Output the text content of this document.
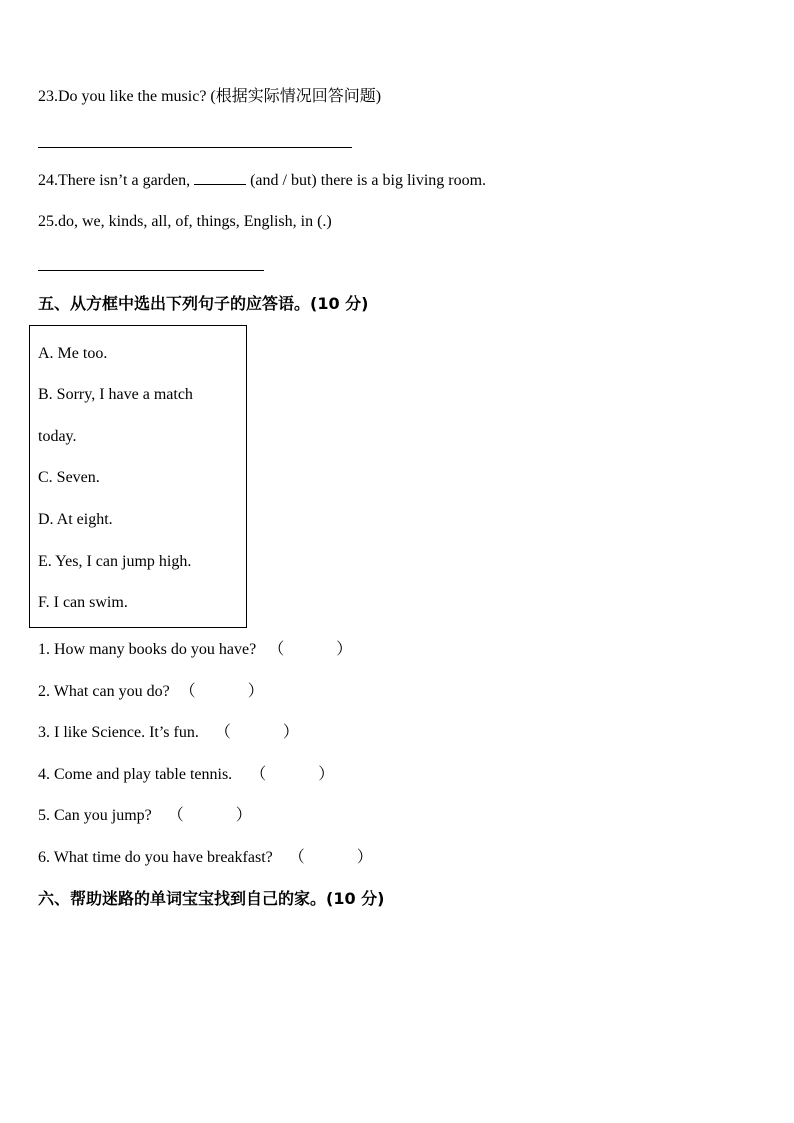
23.Do you like the music? (根据实际情况回答问题)
24.There isn’t a garden,	(and / but) there is a big living room.
25.do, we, kinds, all, of, things, English, in (.)
五、从方框中选出下列句子的应答语。(10 分)
A. Me too.
B. Sorry, I have a match
today.
C. Seven.
D. At eight.
E. Yes, I can jump high.
F. I can swim.
1. How many books do you have? （	）
2. What can you do? （	）
3. I like Science. It’s fun. （	）
4. Come and play table tennis. （	）
5. Can you jump? （	）
6. What time do you have breakfast? （	）
六、帮助迷路的单词宝宝找到自己的家。(10 分)
